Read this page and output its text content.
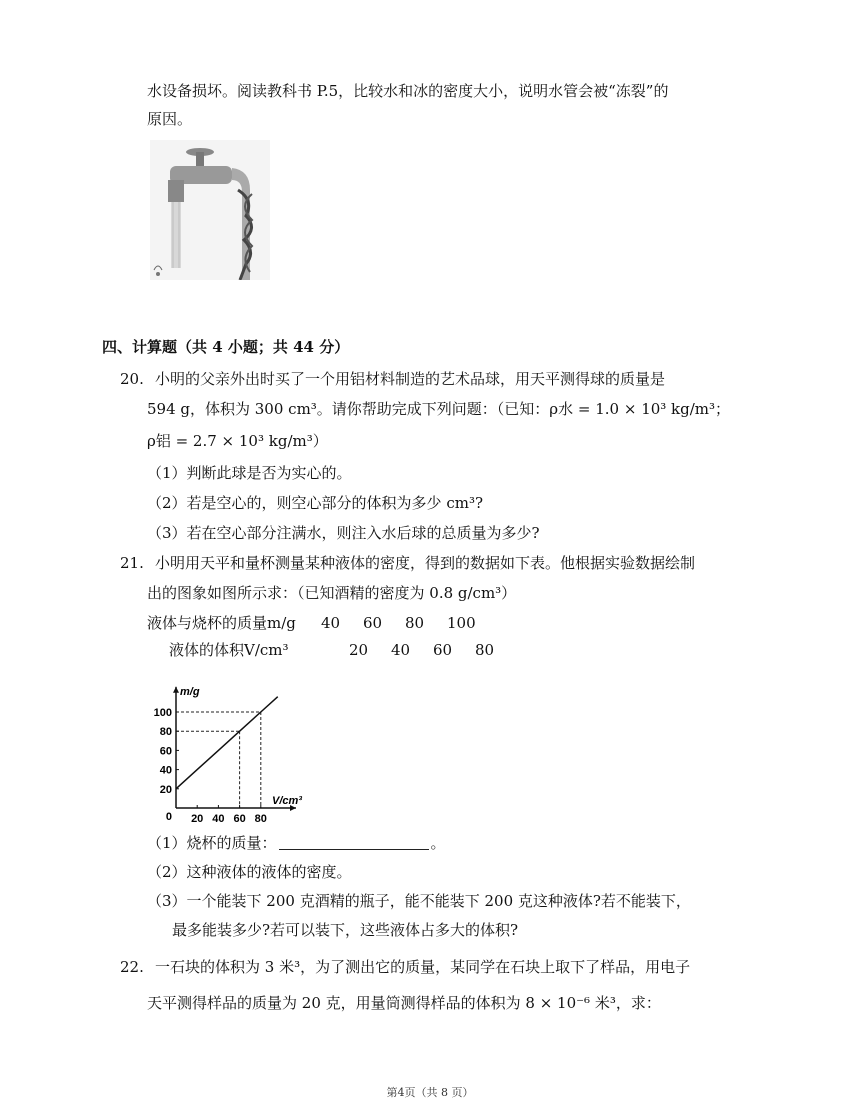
水设备损坏。阅读教科书 P.5，比较水和冰的密度大小，说明水管会被“冻裂”的
原因。
四、计算题（共 4 小题；共 44 分）
20. 小明的父亲外出时买了一个用铝材料制造的艺术品球，用天平测得球的质量是
594 g，体积为 300 cm³。请你帮助完成下列问题：（已知：ρ水 = 1.0 × 10³ kg/m³；
ρ铝 = 2.7 × 10³ kg/m³）
（1）判断此球是否为实心的。
（2）若是空心的，则空心部分的体积为多少 cm³?
（3）若在空心部分注满水，则注入水后球的总质量为多少?
21. 小明用天平和量杯测量某种液体的密度，得到的数据如下表。他根据实验数据绘制
出的图象如图所示求：（已知酒精的密度为 0.8 g/cm³）
液体与烧杯的质量m/g	40	60	80	100
液体的体积V/cm³	20	40	60	80
20 40 60 80
20
40
60
80
100
0
m/g
V/cm³
（1）烧杯的质量：	。
（2）这种液体的液体的密度。
（3）一个能装下 200 克酒精的瓶子，能不能装下 200 克这种液体?若不能装下，
最多能装多少?若可以装下，这些液体占多大的体积?
22. 一石块的体积为 3 米³，为了测出它的质量，某同学在石块上取下了样品，用电子
天平测得样品的质量为 20 克，用量筒测得样品的体积为 8 × 10⁻⁶ 米³，求：
第4页（共 8 页）
